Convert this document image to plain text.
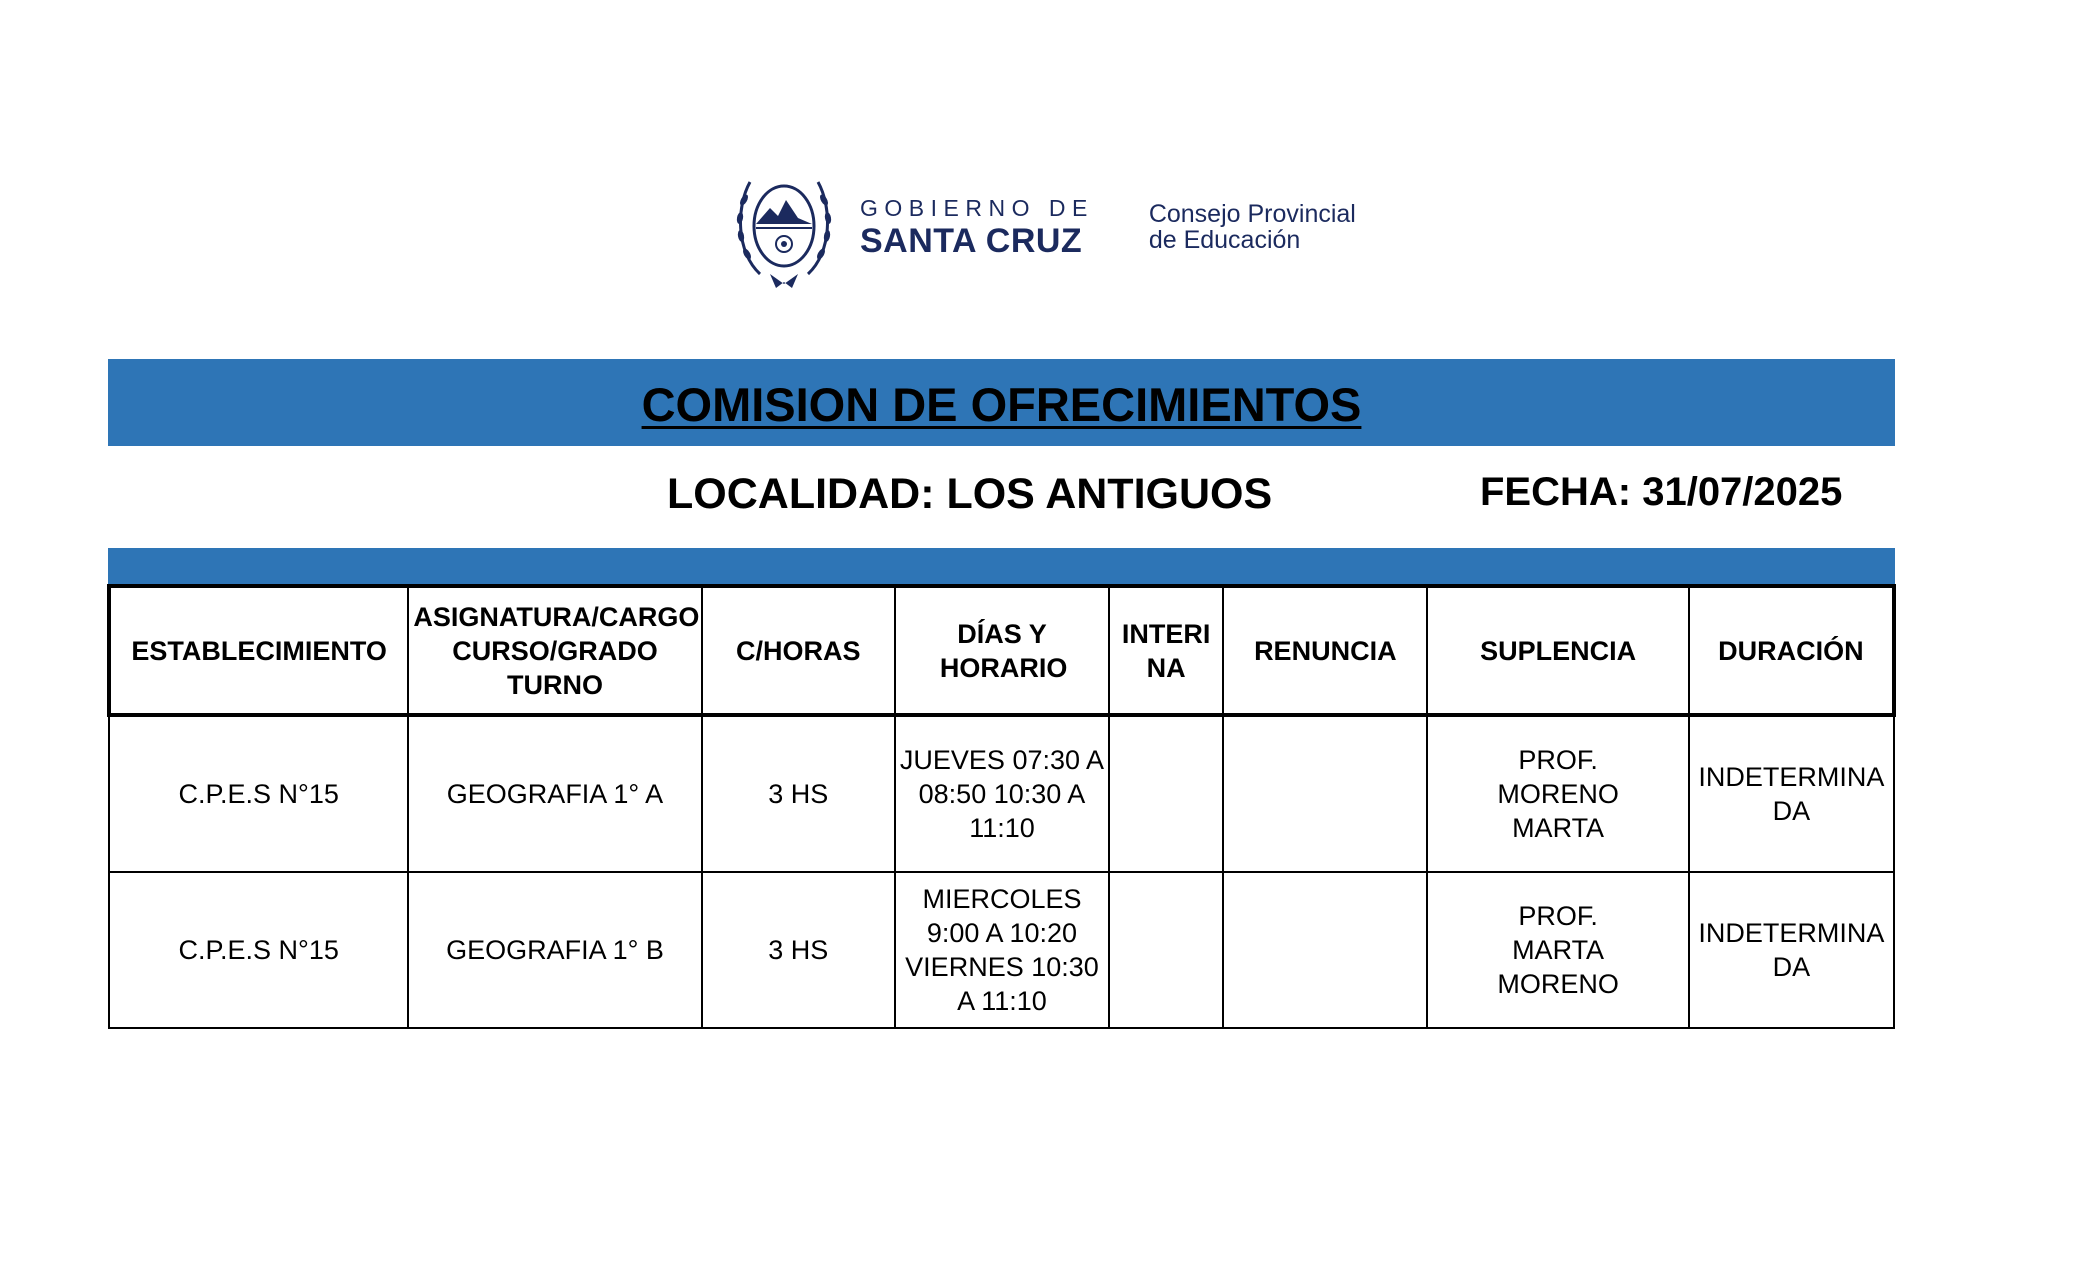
GOBIERNO DE
SANTA CRUZ
Consejo Provincial
de Educación
COMISION DE OFRECIMIENTOS
LOCALIDAD: LOS ANTIGUOS	FECHA: 31/07/2025
ESTABLECIMIENTO	ASIGNATURA/CARGO CURSO/GRADO TURNO	C/HORAS	DÍAS Y HORARIO	INTERINA	RENUNCIA	SUPLENCIA	DURACIÓN
C.P.E.S N°15	GEOGRAFIA 1° A	3 HS	JUEVES 07:30 A 08:50 10:30 A 11:10			PROF. MORENO MARTA	INDETERMINADA
C.P.E.S N°15	GEOGRAFIA 1° B	3 HS	MIERCOLES 9:00 A 10:20 VIERNES 10:30 A 11:10			PROF. MARTA MORENO	INDETERMINADA
